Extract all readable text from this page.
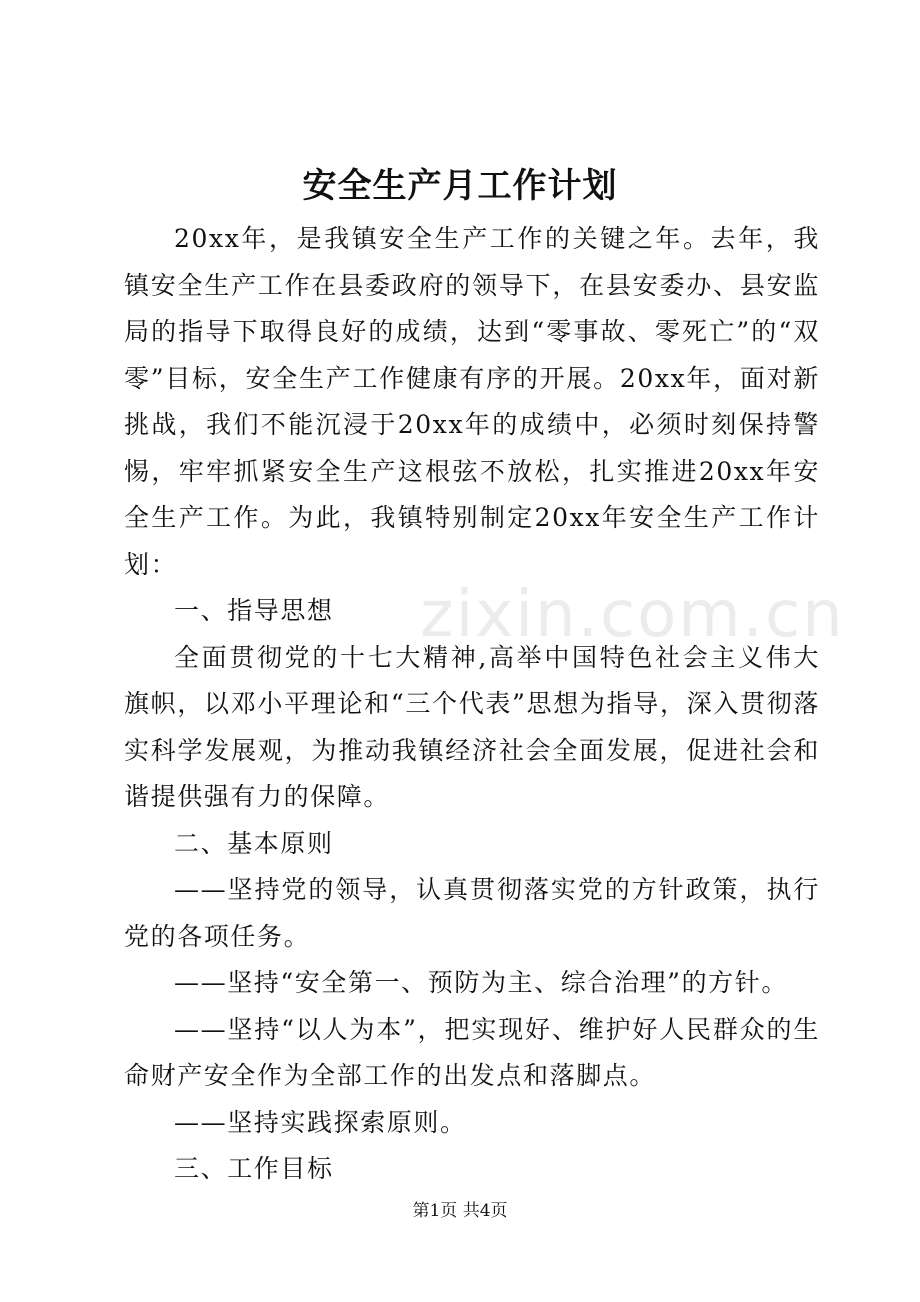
安全生产月工作计划
zixin.com.cn

20xx年，是我镇安全生产工作的关键之年。去年，我镇安全生产工作在县委政府的领导下，在县安委办、县安监局的指导下取得良好的成绩，达到“零事故、零死亡”的“双零”目标，安全生产工作健康有序的开展。20xx年，面对新挑战，我们不能沉浸于20xx年的成绩中，必须时刻保持警惕，牢牢抓紧安全生产这根弦不放松，扎实推进20xx年安全生产工作。为此，我镇特别制定20xx年安全生产工作计划：

一、指导思想

全面贯彻党的十七大精神,高举中国特色社会主义伟大旗帜，以邓小平理论和“三个代表”思想为指导，深入贯彻落实科学发展观，为推动我镇经济社会全面发展，促进社会和谐提供强有力的保障。

二、基本原则

——坚持党的领导，认真贯彻落实党的方针政策，执行党的各项任务。

——坚持“安全第一、预防为主、综合治理”的方针。

——坚持“以人为本”，把实现好、维护好人民群众的生命财产安全作为全部工作的出发点和落脚点。

——坚持实践探索原则。

三、工作目标

第1页 共4页
